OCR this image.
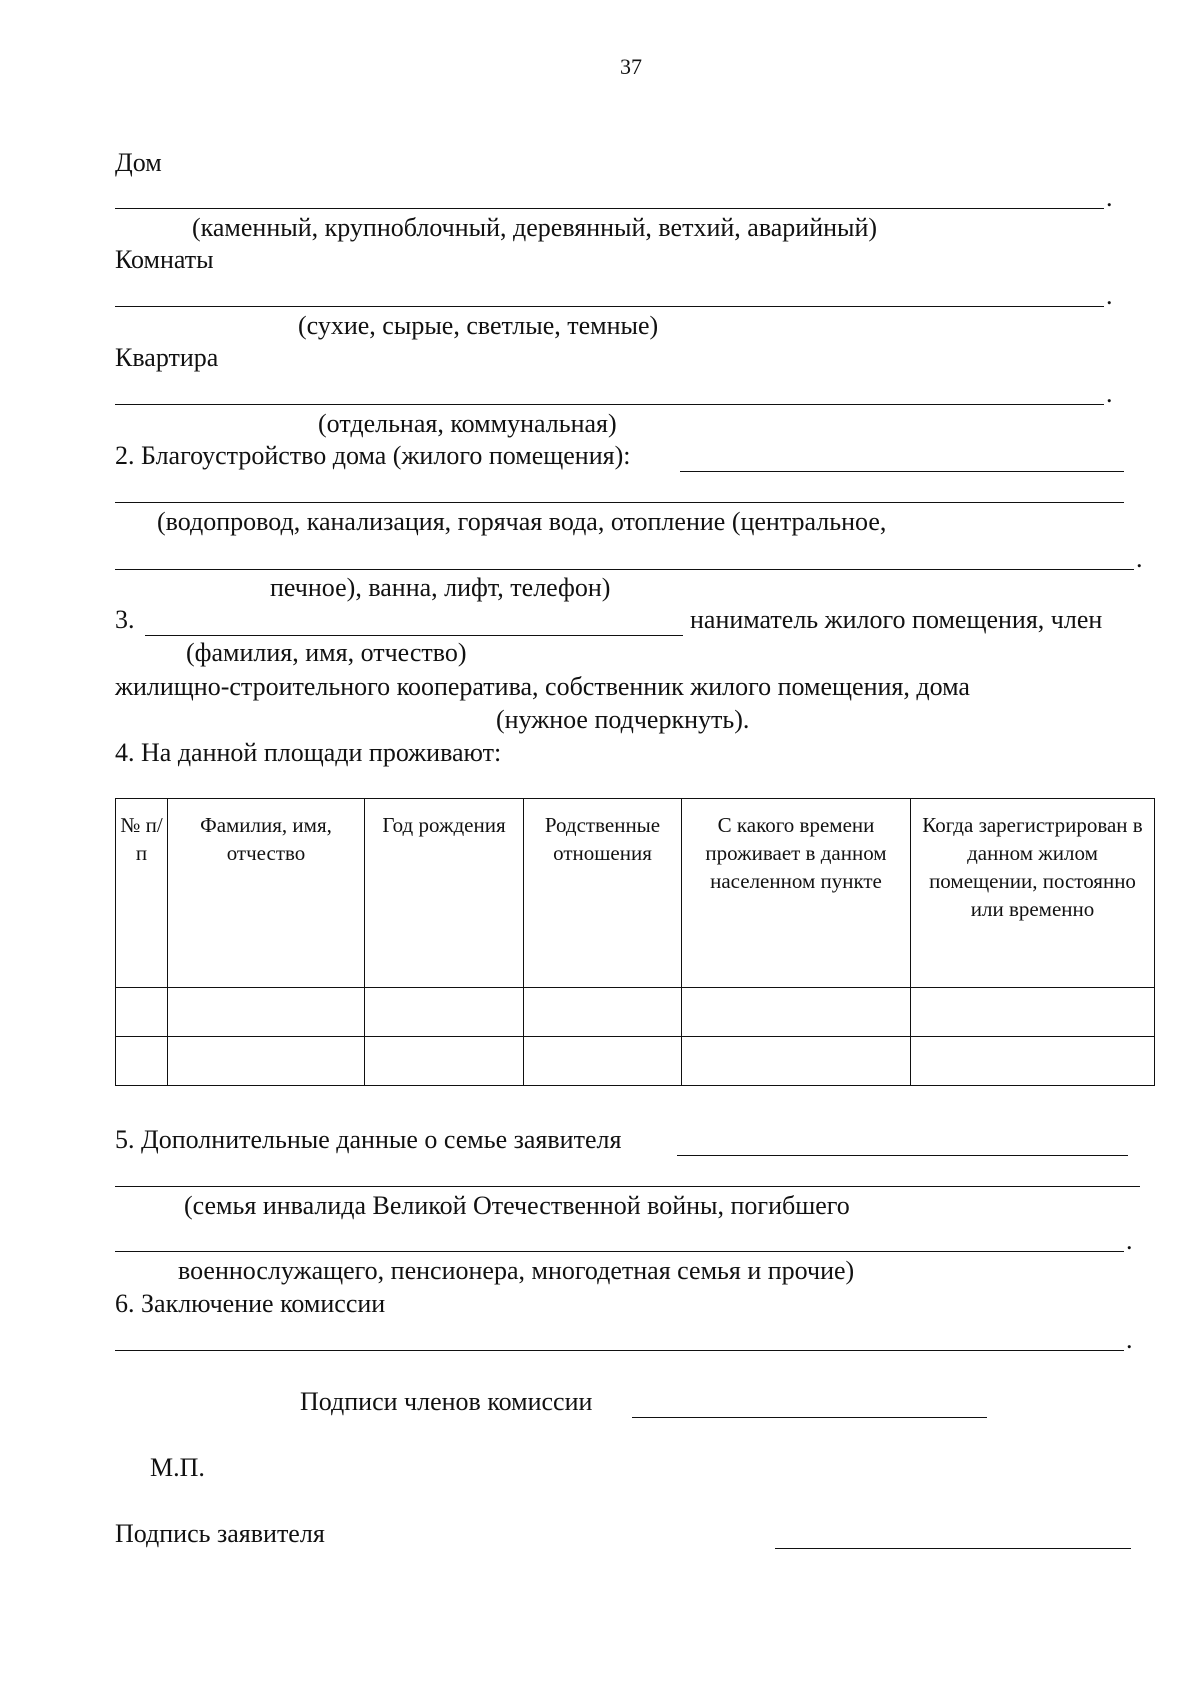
37
Дом
.
(каменный, крупноблочный, деревянный, ветхий, аварийный)
Комнаты
.
(сухие, сырые, светлые, темные)
Квартира
.
(отдельная, коммунальная)
2. Благоустройство дома (жилого помещения):
(водопровод, канализация, горячая вода, отопление (центральное,
.
печное), ванна, лифт, телефон)
3.	наниматель жилого помещения, член
(фамилия, имя, отчество)
жилищно-строительного кооператива, собственник жилого помещения, дома
(нужное подчеркнуть).
4. На данной площади проживают:
№ п/п	Фамилия, имя, отчество	Год рождения	Родственные отношения	С какого времени проживает в данном населенном пункте	Когда зарегистрирован в данном жилом помещении, постоянно или временно

5. Дополнительные данные о семье заявителя
(семья инвалида Великой Отечественной войны, погибшего
.
военнослужащего, пенсионера, многодетная семья и прочие)
6. Заключение комиссии
.
Подписи членов комиссии
М.П.
Подпись заявителя
